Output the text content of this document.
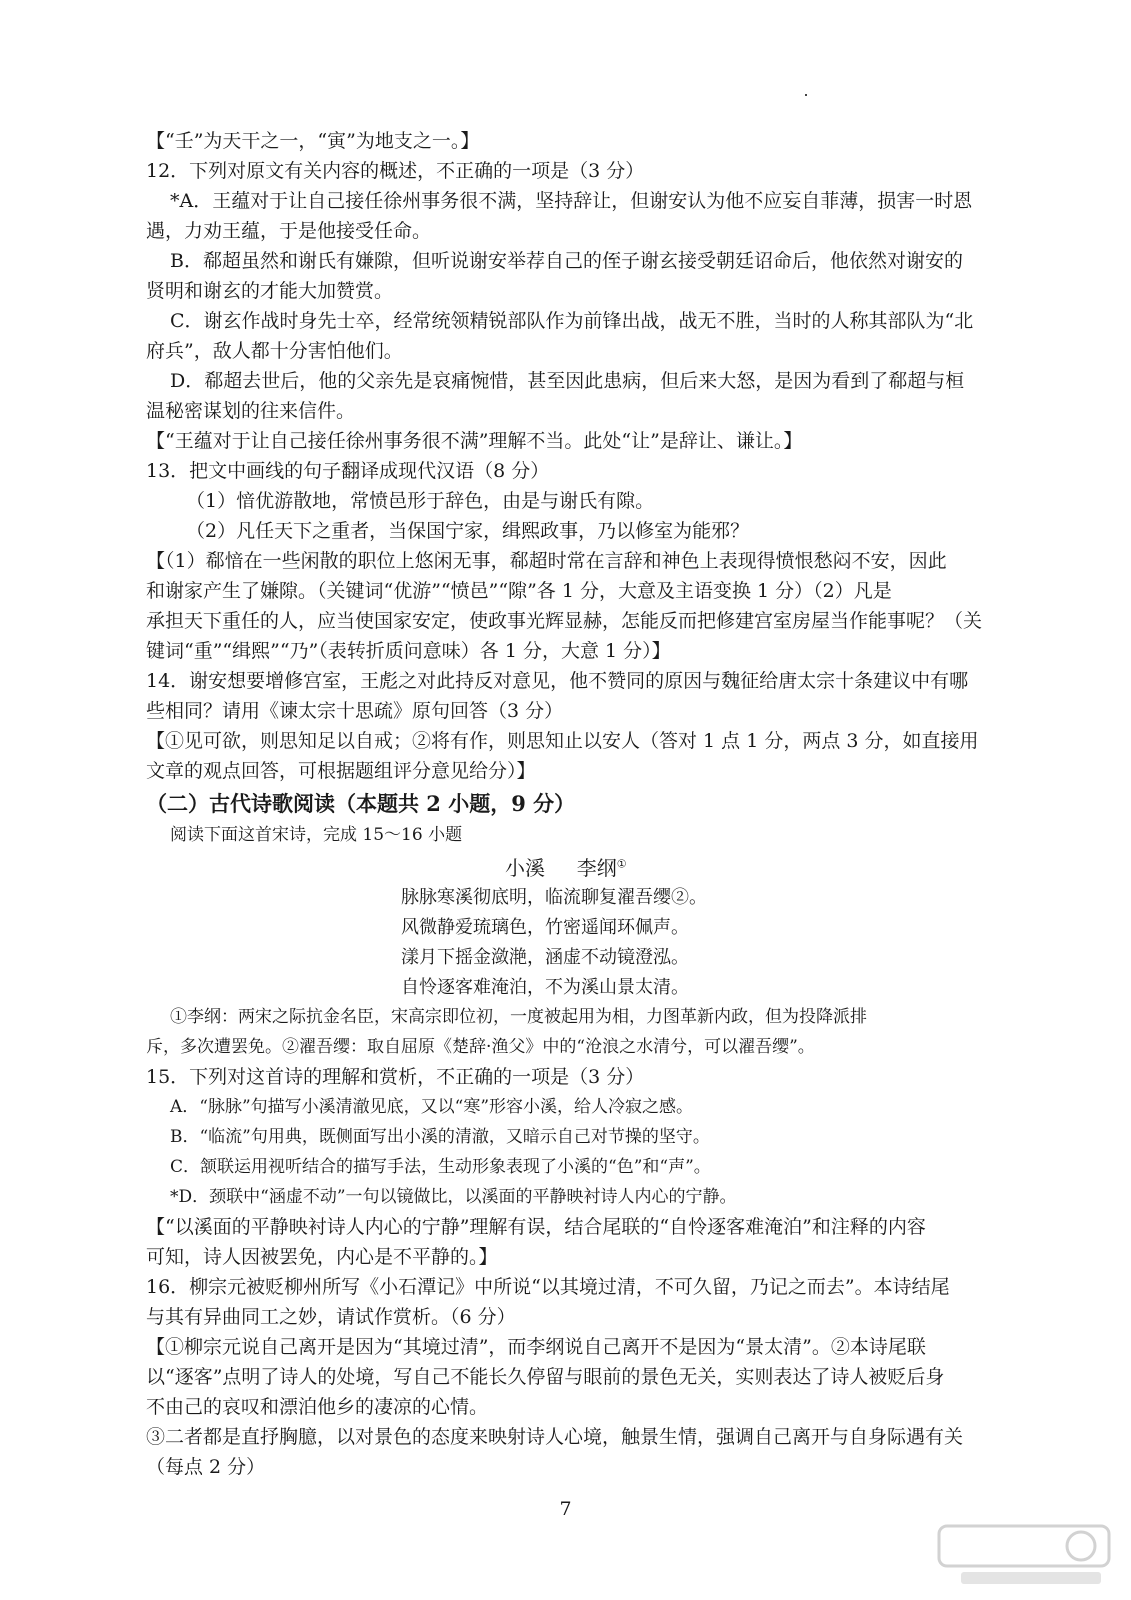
【“壬”为天干之一，“寅”为地支之一。】
12．下列对原文有关内容的概述，不正确的一项是（3 分）
*A．王蕴对于让自己接任徐州事务很不满，坚持辞让，但谢安认为他不应妄自菲薄，损害一时恩
遇，力劝王蕴，于是他接受任命。
B．郗超虽然和谢氏有嫌隙，但听说谢安举荐自己的侄子谢玄接受朝廷诏命后，他依然对谢安的
贤明和谢玄的才能大加赞赏。
C．谢玄作战时身先士卒，经常统领精锐部队作为前锋出战，战无不胜，当时的人称其部队为“北
府兵”，敌人都十分害怕他们。
D．郗超去世后，他的父亲先是哀痛惋惜，甚至因此患病，但后来大怒，是因为看到了郗超与桓
温秘密谋划的往来信件。
【“王蕴对于让自己接任徐州事务很不满”理解不当。此处“让”是辞让、谦让。】
13．把文中画线的句子翻译成现代汉语（8 分）
（1）愔优游散地，常愤邑形于辞色，由是与谢氏有隙。
（2）凡任天下之重者，当保国宁家，缉熙政事，乃以修室为能邪？
【（1）郗愔在一些闲散的职位上悠闲无事，郗超时常在言辞和神色上表现得愤恨愁闷不安，因此
和谢家产生了嫌隙。（关键词“优游”“愤邑”“隙”各 1 分，大意及主语变换 1 分）（2）凡是
承担天下重任的人，应当使国家安定，使政事光辉显赫，怎能反而把修建宫室房屋当作能事呢？（关
键词“重”“缉熙”“乃”（表转折质问意味）各 1 分，大意 1 分）】
14．谢安想要增修宫室，王彪之对此持反对意见，他不赞同的原因与魏征给唐太宗十条建议中有哪
些相同？请用《谏太宗十思疏》原句回答（3 分）
【①见可欲，则思知足以自戒；②将有作，则思知止以安人（答对 1 点 1 分，两点 3 分，如直接用
文章的观点回答，可根据题组评分意见给分）】
（二）古代诗歌阅读（本题共 2 小题，9 分）
阅读下面这首宋诗，完成 15～16 小题
小溪 李纲①
脉脉寒溪彻底明，临流聊复濯吾缨②。
风微静爱琉璃色，竹密遥闻环佩声。
漾月下摇金潋滟，涵虚不动镜澄泓。
自怜逐客难淹泊，不为溪山景太清。
①李纲：两宋之际抗金名臣，宋高宗即位初，一度被起用为相，力图革新内政，但为投降派排
斥，多次遭罢免。②濯吾缨：取自屈原《楚辞·渔父》中的“沧浪之水清兮，可以濯吾缨”。
15．下列对这首诗的理解和赏析，不正确的一项是（3 分）
A．“脉脉”句描写小溪清澈见底，又以“寒”形容小溪，给人冷寂之感。
B．“临流”句用典，既侧面写出小溪的清澈，又暗示自己对节操的坚守。
C．颔联运用视听结合的描写手法，生动形象表现了小溪的“色”和“声”。
*D．颈联中“涵虚不动”一句以镜做比，以溪面的平静映衬诗人内心的宁静。
【“以溪面的平静映衬诗人内心的宁静”理解有误，结合尾联的“自怜逐客难淹泊”和注释的内容
可知，诗人因被罢免，内心是不平静的。】
16．柳宗元被贬柳州所写《小石潭记》中所说“以其境过清，不可久留，乃记之而去”。本诗结尾
与其有异曲同工之妙，请试作赏析。（6 分）
【①柳宗元说自己离开是因为“其境过清”，而李纲说自己离开不是因为“景太清”。②本诗尾联
以“逐客”点明了诗人的处境，写自己不能长久停留与眼前的景色无关，实则表达了诗人被贬后身
不由己的哀叹和漂泊他乡的凄凉的心情。
③二者都是直抒胸臆，以对景色的态度来映射诗人心境，触景生情，强调自己离开与自身际遇有关
（每点 2 分）
7
